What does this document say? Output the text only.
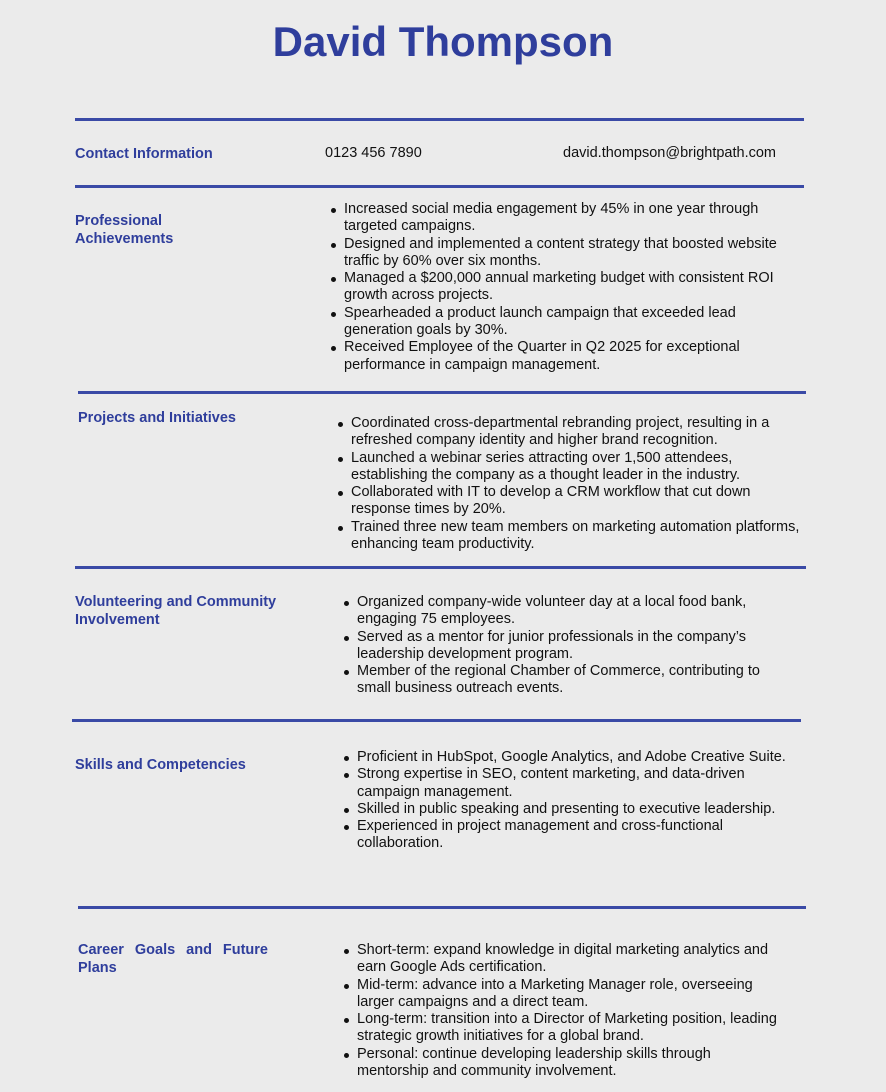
David Thompson
Contact Information	0123 456 7890	david.thompson@brightpath.com
Professional Achievements
Increased social media engagement by 45% in one year through targeted campaigns.
Designed and implemented a content strategy that boosted website traffic by 60% over six months.
Managed a $200,000 annual marketing budget with consistent ROI growth across projects.
Spearheaded a product launch campaign that exceeded lead generation goals by 30%.
Received Employee of the Quarter in Q2 2025 for exceptional performance in campaign management.
Projects and Initiatives	Coordinated cross-departmental rebranding project, resulting in a refreshed company identity and higher brand recognition.
Launched a webinar series attracting over 1,500 attendees, establishing the company as a thought leader in the industry.
Collaborated with IT to develop a CRM workflow that cut down response times by 20%.
Trained three new team members on marketing automation platforms, enhancing team productivity.
Volunteering and Community Involvement
Organized company-wide volunteer day at a local food bank, engaging 75 employees.
Served as a mentor for junior professionals in the company’s leadership development program.
Member of the regional Chamber of Commerce, contributing to small business outreach events.
Skills and Competencies	Proficient in HubSpot, Google Analytics, and Adobe Creative Suite.
Strong expertise in SEO, content marketing, and data-driven campaign management.
Skilled in public speaking and presenting to executive leadership.
Experienced in project management and cross-functional collaboration.
Career Goals and Future Plans
Short-term: expand knowledge in digital marketing analytics and earn Google Ads certification.
Mid-term: advance into a Marketing Manager role, overseeing larger campaigns and a direct team.
Long-term: transition into a Director of Marketing position, leading strategic growth initiatives for a global brand.
Personal: continue developing leadership skills through mentorship and community involvement.
